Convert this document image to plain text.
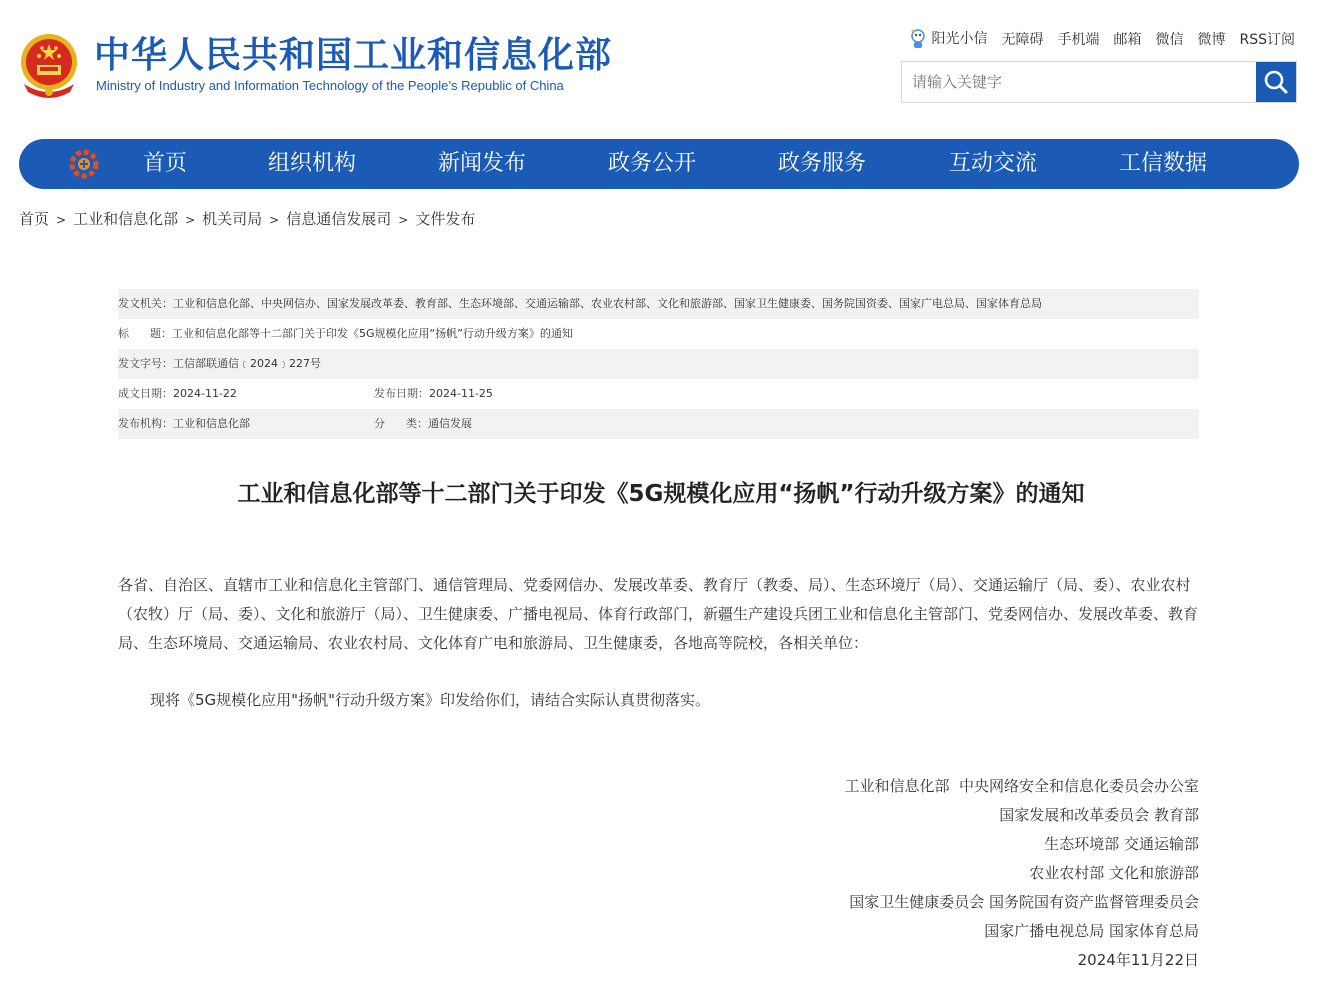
中华人民共和国工业和信息化部
Ministry of Industry and Information Technology of the People’s Republic of China
阳光小信 无障碍 手机端 邮箱 微信 微博 RSS订阅
请输入关键字
首页	组织机构	新闻发布	政务公开	政务服务	互动交流	工信数据
首页 > 工业和信息化部 > 机关司局 > 信息通信发展司 > 文件发布
发文机关：工业和信息化部、中央网信办、国家发展改革委、教育部、生态环境部、交通运输部、农业农村部、文化和旅游部、国家卫生健康委、国务院国资委、国家广电总局、国家体育总局
标      题：工业和信息化部等十二部门关于印发《5G规模化应用“扬帆”行动升级方案》的通知
发文字号：工信部联通信﹝2024﹞227号
成文日期：2024-11-22	发布日期：2024-11-25
发布机构：工业和信息化部	分      类：通信发展
工业和信息化部等十二部门关于印发《5G规模化应用“扬帆”行动升级方案》的通知
各省、自治区、直辖市工业和信息化主管部门、通信管理局、党委网信办、发展改革委、教育厅（教委、局）、生态环境厅（局）、交通运输厅（局、委）、农业农村（农牧）厅（局、委）、文化和旅游厅（局）、卫生健康委、广播电视局、体育行政部门，新疆生产建设兵团工业和信息化主管部门、党委网信办、发展改革委、教育局、生态环境局、交通运输局、农业农村局、文化体育广电和旅游局、卫生健康委，各地高等院校，各相关单位：
现将《5G规模化应用"扬帆"行动升级方案》印发给你们，请结合实际认真贯彻落实。
工业和信息化部  中央网络安全和信息化委员会办公室
国家发展和改革委员会 教育部
生态环境部 交通运输部
农业农村部 文化和旅游部
国家卫生健康委员会 国务院国有资产监督管理委员会
国家广播电视总局 国家体育总局
2024年11月22日
